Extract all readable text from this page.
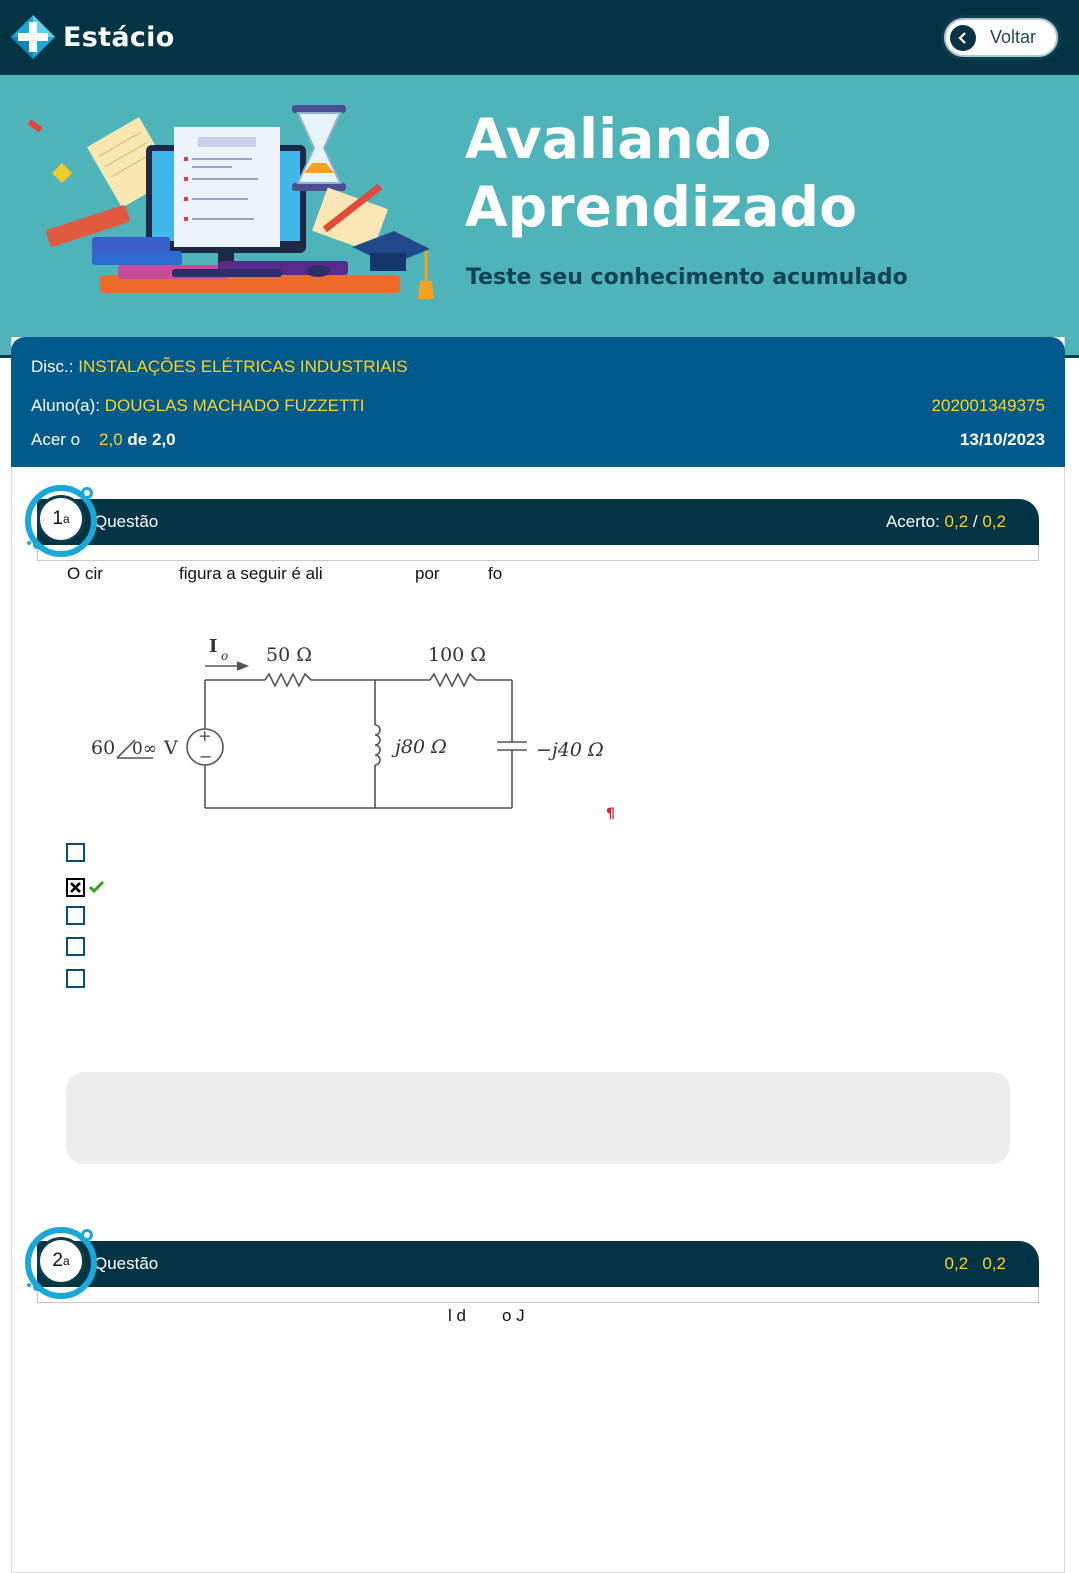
Estácio	Voltar
Avaliando
Aprendizado
Teste seu conhecimento acumulado
Disc.: INSTALAÇÕES ELÉTRICAS INDUSTRIAIS
Aluno(a): DOUGLAS MACHADO FUZZETTI	202001349375
Acer o 2,0 de 2,0	13/10/2023
Questão	Acerto: 0,2 / 0,2
1 a
O cir	figura a seguir é ali	por	fo
+
−
I o 50 Ω	100 Ω
60 0∞ V	j80 Ω	−j40 Ω
¶
Questão	0,2 0,2
2 a
l d o J
